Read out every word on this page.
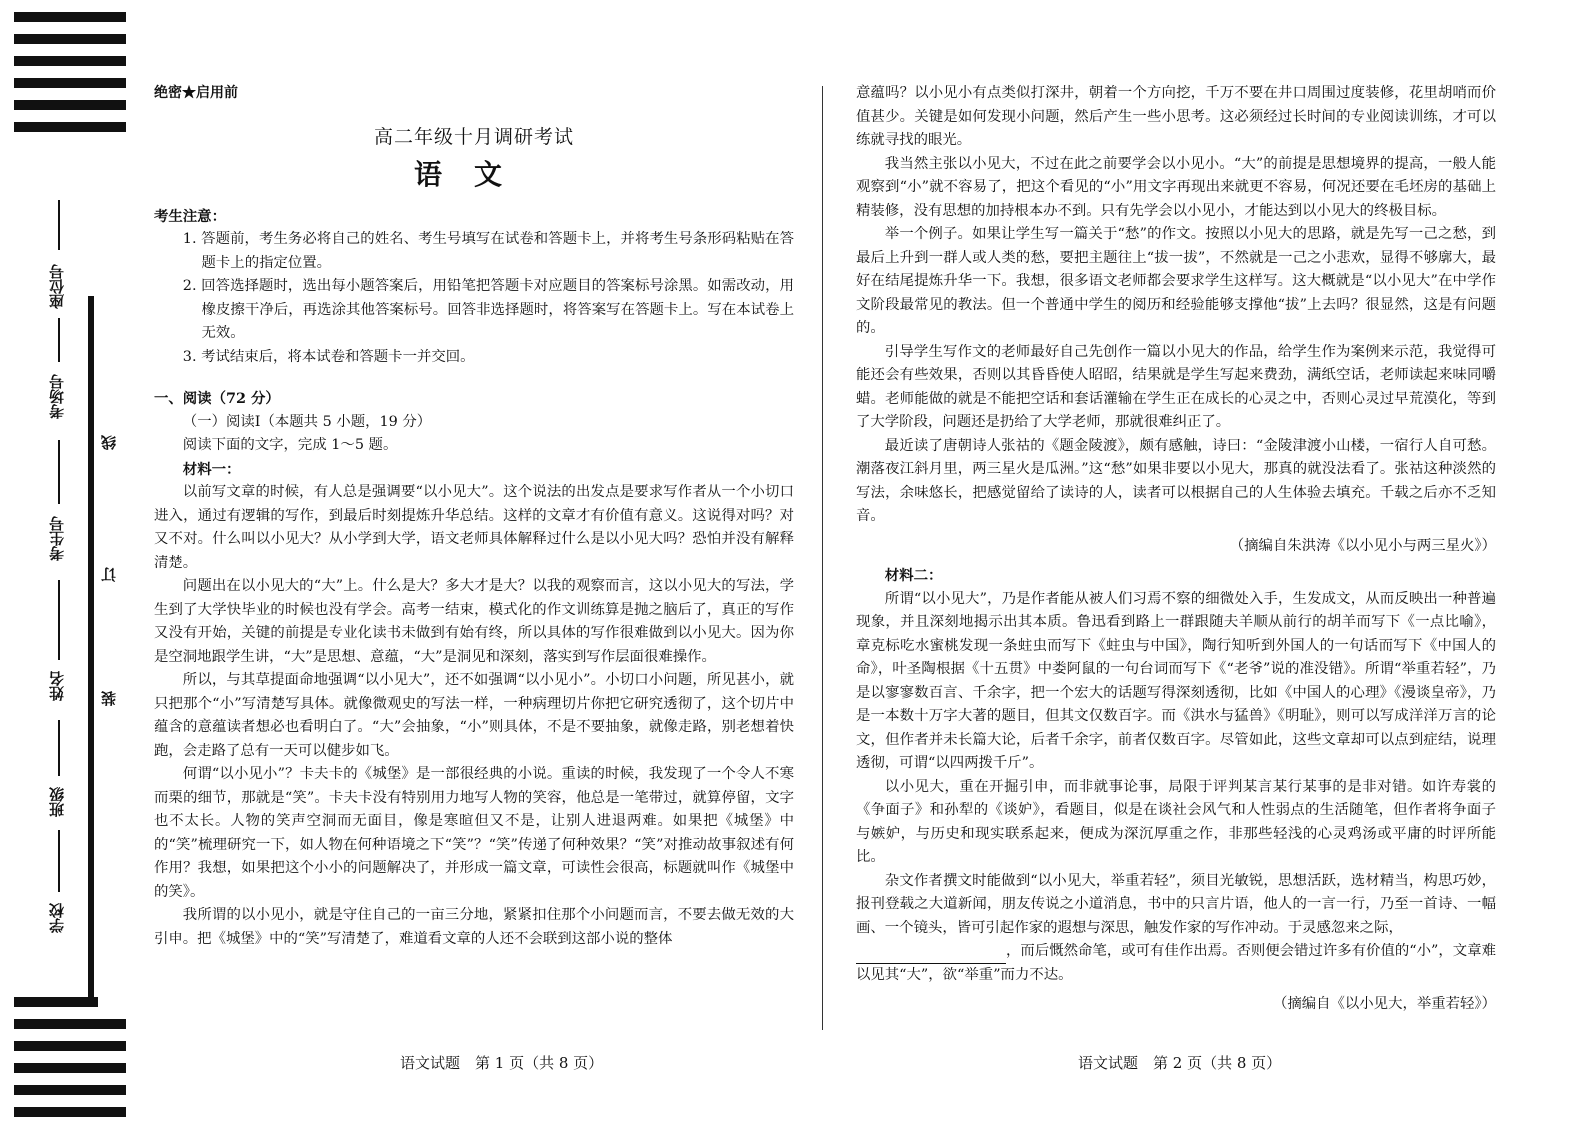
座位号
考场号
考生号
姓名
班级
学校
线
订
装

绝密★启用前

高二年级十月调研考试

语文

考生注意：

1. 答题前，考生务必将自己的姓名、考生号填写在试卷和答题卡上，并将考生号条形码粘贴在答题卡上的指定位置。

2. 回答选择题时，选出每小题答案后，用铅笔把答题卡对应题目的答案标号涂黑。如需改动，用橡皮擦干净后，再选涂其他答案标号。回答非选择题时，将答案写在答题卡上。写在本试卷上无效。

3. 考试结束后，将本试卷和答题卡一并交回。

一、阅读（72 分）

（一）阅读Ⅰ（本题共 5 小题，19 分）

阅读下面的文字，完成 1～5 题。

材料一：

以前写文章的时候，有人总是强调要“以小见大”。这个说法的出发点是要求写作者从一个小切口进入，通过有逻辑的写作，到最后时刻提炼升华总结。这样的文章才有价值有意义。这说得对吗？对又不对。什么叫以小见大？从小学到大学，语文老师具体解释过什么是以小见大吗？恐怕并没有解释清楚。

问题出在以小见大的“大”上。什么是大？多大才是大？以我的观察而言，这以小见大的写法，学生到了大学快毕业的时候也没有学会。高考一结束，模式化的作文训练算是抛之脑后了，真正的写作又没有开始，关键的前提是专业化读书未做到有始有终，所以具体的写作很难做到以小见大。因为你是空洞地跟学生讲，“大”是思想、意蕴，“大”是洞见和深刻，落实到写作层面很难操作。

所以，与其草提面命地强调“以小见大”，还不如强调“以小见小”。小切口小问题，所见甚小，就只把那个“小”写清楚写具体。就像微观史的写法一样，一种病理切片你把它研究透彻了，这个切片中蕴含的意蕴读者想必也看明白了。“大”会抽象，“小”则具体，不是不要抽象，就像走路，别老想着快跑，会走路了总有一天可以健步如飞。

何谓“以小见小”？卡夫卡的《城堡》是一部很经典的小说。重读的时候，我发现了一个令人不寒而栗的细节，那就是“笑”。卡夫卡没有特别用力地写人物的笑容，他总是一笔带过，就算停留，文字也不太长。人物的笑声空洞而无面目，像是寒暄但又不是，让别人进退两难。如果把《城堡》中的“笑”梳理研究一下，如人物在何种语境之下“笑”？“笑”传递了何种效果？“笑”对推动故事叙述有何作用？我想，如果把这个小小的问题解决了，并形成一篇文章，可读性会很高，标题就叫作《城堡中的笑》。

我所谓的以小见小，就是守住自己的一亩三分地，紧紧扣住那个小问题而言，不要去做无效的大引申。把《城堡》中的“笑”写清楚了，难道看文章的人还不会联到这部小说的整体

意蕴吗？以小见小有点类似打深井，朝着一个方向挖，千万不要在井口周围过度装修，花里胡哨而价值甚少。关键是如何发现小问题，然后产生一些小思考。这必须经过长时间的专业阅读训练，才可以练就寻找的眼光。

我当然主张以小见大，不过在此之前要学会以小见小。“大”的前提是思想境界的提高，一般人能观察到“小”就不容易了，把这个看见的“小”用文字再现出来就更不容易，何况还要在毛坯房的基础上精装修，没有思想的加持根本办不到。只有先学会以小见小，才能达到以小见大的终极目标。

举一个例子。如果让学生写一篇关于“愁”的作文。按照以小见大的思路，就是先写一己之愁，到最后上升到一群人或人类的愁，要把主题往上“拔一拔”，不然就是一己之小悲欢，显得不够廓大，最好在结尾提炼升华一下。我想，很多语文老师都会要求学生这样写。这大概就是“以小见大”在中学作文阶段最常见的教法。但一个普通中学生的阅历和经验能够支撑他“拔”上去吗？很显然，这是有问题的。

引导学生写作文的老师最好自己先创作一篇以小见大的作品，给学生作为案例来示范，我觉得可能还会有些效果，否则以其昏昏使人昭昭，结果就是学生写起来费劲，满纸空话，老师读起来味同嚼蜡。老师能做的就是不能把空话和套话灌输在学生正在成长的心灵之中，否则心灵过早荒漠化，等到了大学阶段，问题还是扔给了大学老师，那就很难纠正了。

最近读了唐朝诗人张祜的《题金陵渡》，颇有感触，诗曰：“金陵津渡小山楼，一宿行人自可愁。潮落夜江斜月里，两三星火是瓜洲。”这“愁”如果非要以小见大，那真的就没法看了。张祜这种淡然的写法，余味悠长，把感觉留给了读诗的人，读者可以根据自己的人生体验去填充。千载之后亦不乏知音。

（摘编自朱洪涛《以小见小与两三星火》）

材料二：

所谓“以小见大”，乃是作者能从被人们习焉不察的细微处入手，生发成文，从而反映出一种普遍现象，并且深刻地揭示出其本质。鲁迅看到路上一群跟随夫羊顺从前行的胡羊而写下《一点比喻》，章克标吃水蜜桃发现一条蛀虫而写下《蛀虫与中国》，陶行知听到外国人的一句话而写下《中国人的命》，叶圣陶根据《十五贯》中娄阿鼠的一句台词而写下《“老爷”说的准没错》。所谓“举重若轻”，乃是以寥寥数百言、千余字，把一个宏大的话题写得深刻透彻，比如《中国人的心理》《漫谈皇帝》，乃是一本数十万字大著的题目，但其文仅数百字。而《洪水与猛兽》《明耻》，则可以写成洋洋万言的论文，但作者并未长篇大论，后者千余字，前者仅数百字。尽管如此，这些文章却可以点到症结，说理透彻，可谓“以四两拨千斤”。

以小见大，重在开掘引申，而非就事论事，局限于评判某言某行某事的是非对错。如许寿裳的《争面子》和孙犁的《谈妒》，看题目，似是在谈社会风气和人性弱点的生活随笔，但作者将争面子与嫉妒，与历史和现实联系起来，便成为深沉厚重之作，非那些轻浅的心灵鸡汤或平庸的时评所能比。

杂文作者撰文时能做到“以小见大，举重若轻”，须目光敏锐，思想活跃，选材精当，构思巧妙，报刊登载之大道新闻，朋友传说之小道消息，书中的只言片语，他人的一言一行，乃至一首诗、一幅画、一个镜头，皆可引起作家的遐想与深思，触发作家的写作冲动。于灵感忽来之际，

，而后慨然命笔，或可有佳作出焉。否则便会错过许多有价值的“小”，文章难以见其“大”，欲“举重”而力不达。

（摘编自《以小见大，举重若轻》）

语文试题　第 1 页（共 8 页）	语文试题　第 2 页（共 8 页）
